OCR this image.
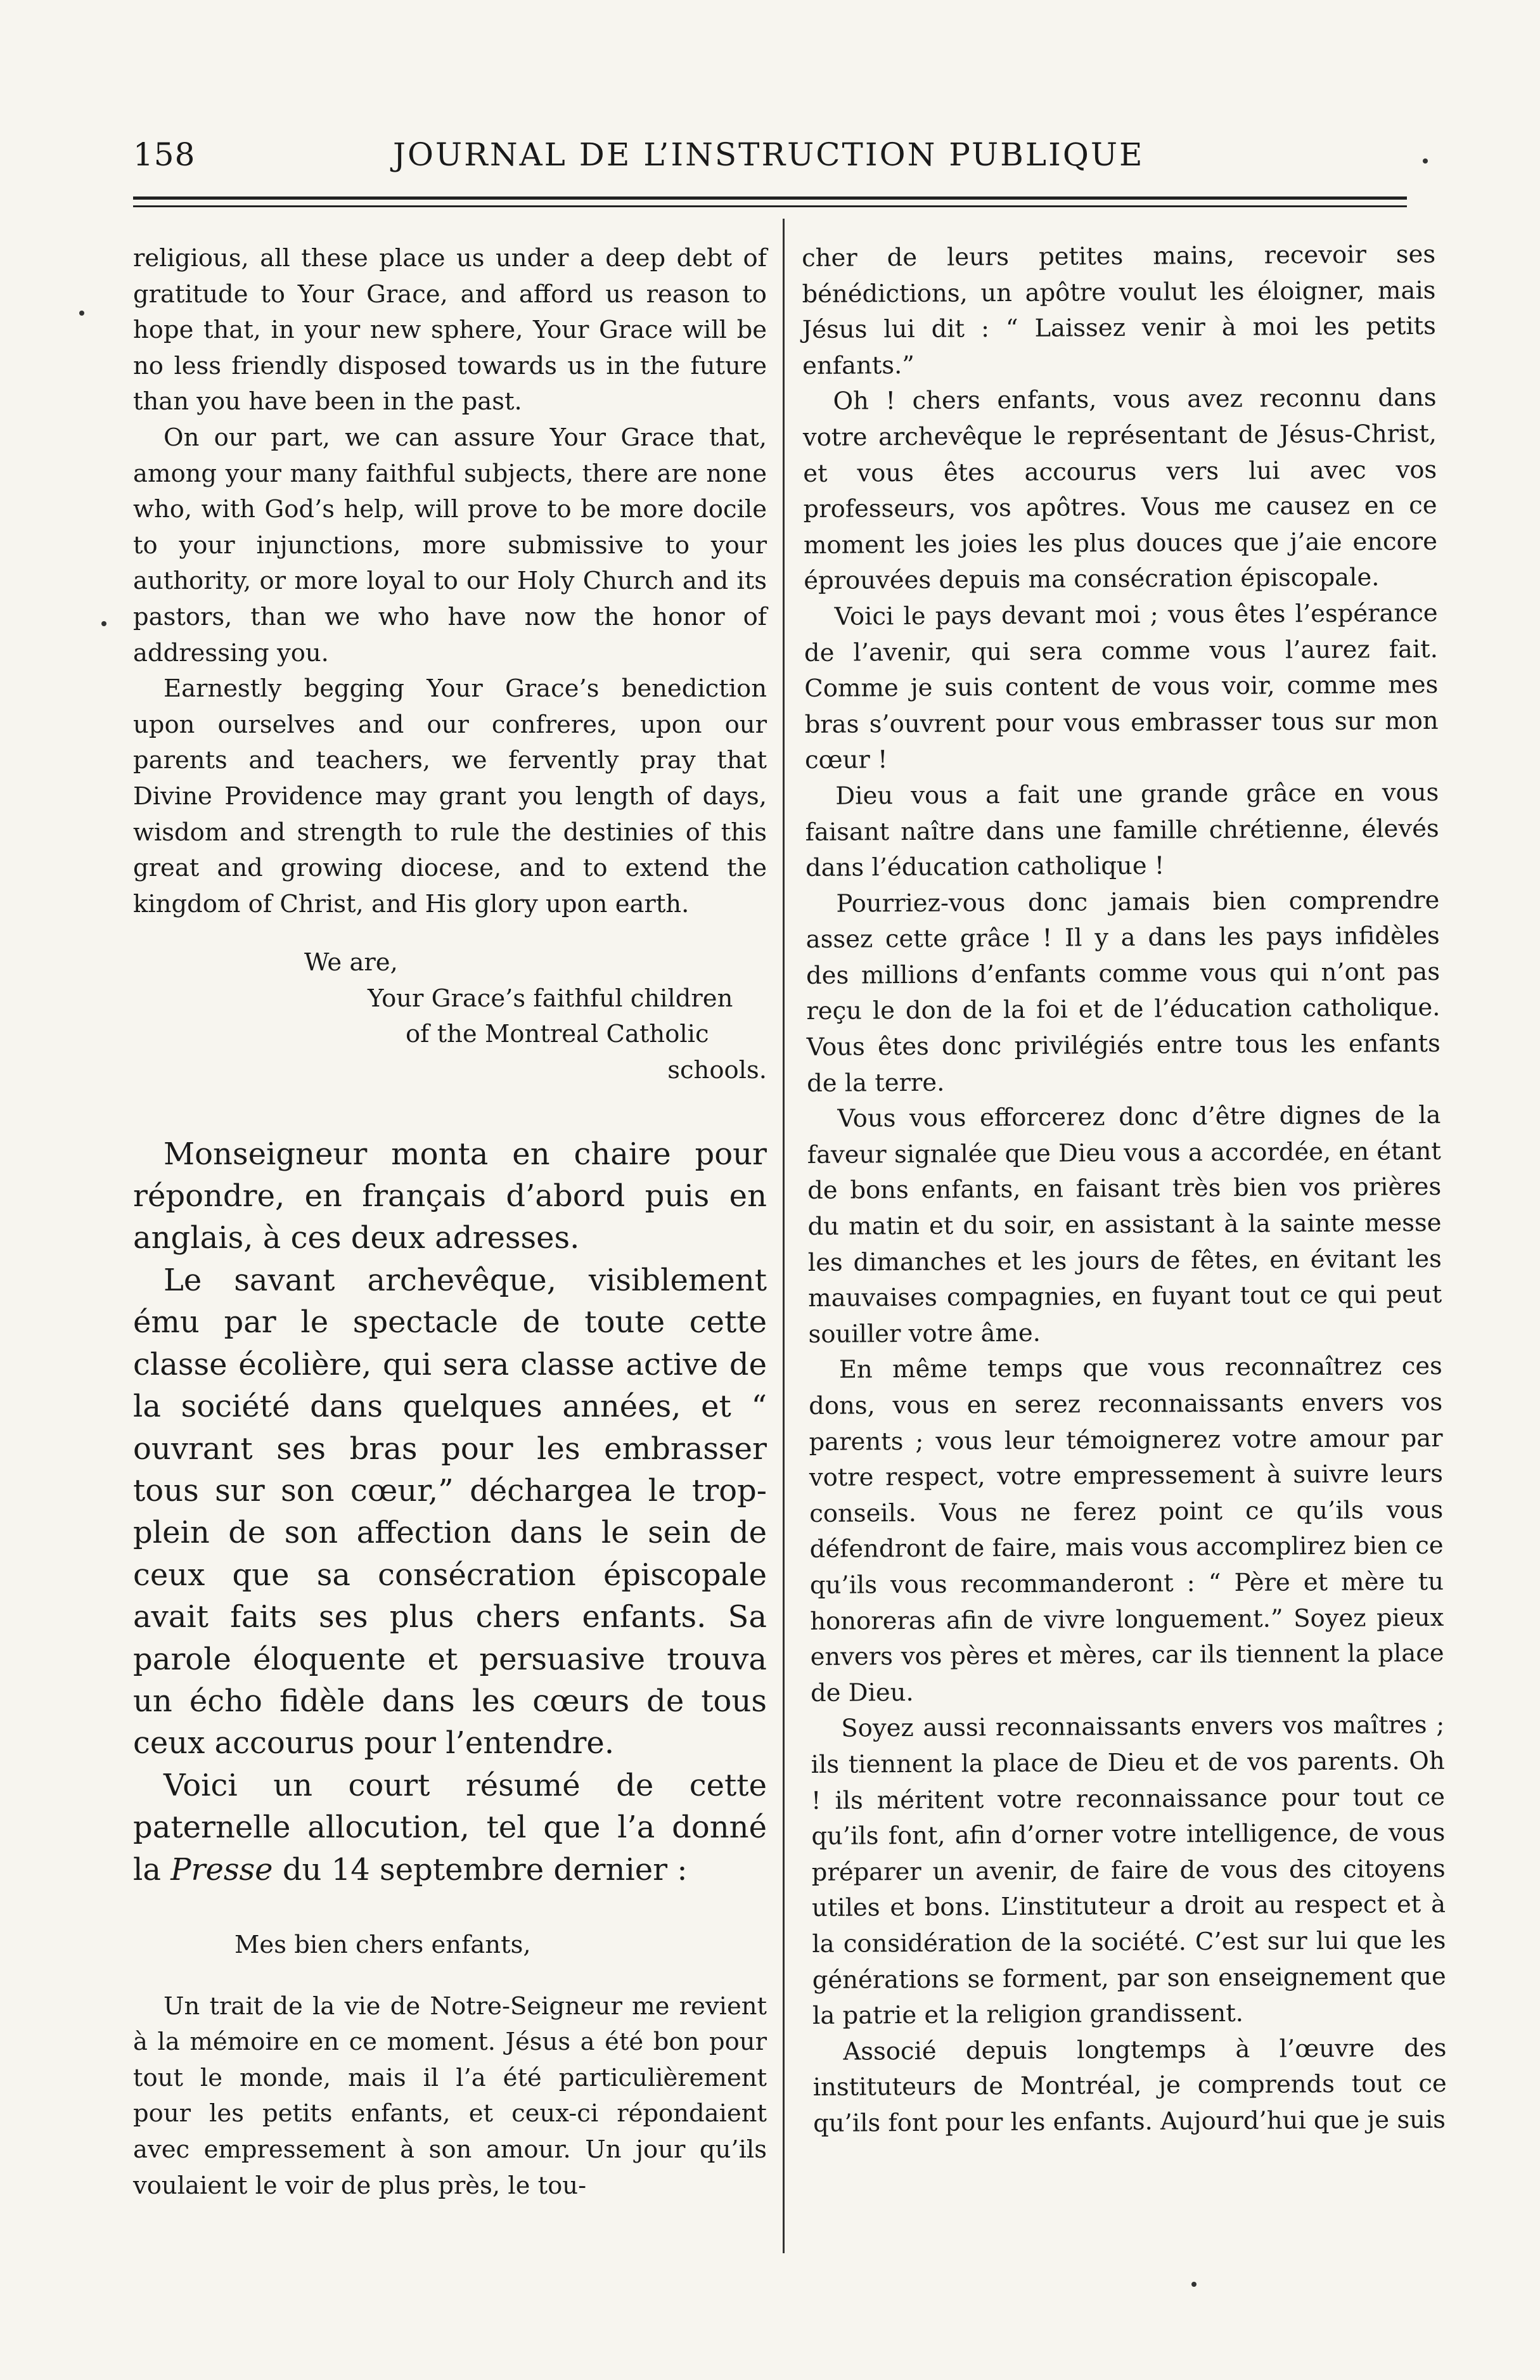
158	JOURNAL DE L’INSTRUCTION PUBLIQUE

religious, all these place us under a deep debt of gratitude to Your Grace, and afford us reason to hope that, in your new sphere, Your Grace will be no less friendly disposed towards us in the future than you have been in the past.

On our part, we can assure Your Grace that, among your many faithful subjects, there are none who, with God’s help, will prove to be more docile to your injunctions, more submissive to your authority, or more loyal to our Holy Church and its pastors, than we who have now the honor of addressing you.

Earnestly begging Your Grace’s benediction upon ourselves and our confreres, upon our parents and teachers, we fervently pray that Divine Providence may grant you length of days, wisdom and strength to rule the destinies of this great and growing diocese, and to extend the kingdom of Christ, and His glory upon earth.

We are,

Your Grace’s faithful children

of the Montreal Catholic

schools.

Monseigneur monta en chaire pour répondre, en français d’abord puis en anglais, à ces deux adresses.

Le savant archevêque, visiblement ému par le spectacle de toute cette classe écolière, qui sera classe active de la société dans quelques années, et “ ouvrant ses bras pour les embrasser tous sur son cœur,” déchargea le trop-plein de son affection dans le sein de ceux que sa consécration épiscopale avait faits ses plus chers enfants. Sa parole éloquente et persuasive trouva un écho fidèle dans les cœurs de tous ceux accourus pour l’entendre.

Voici un court résumé de cette paternelle allocution, tel que l’a donné la Presse du 14 septembre dernier :

Mes bien chers enfants,

Un trait de la vie de Notre-Seigneur me revient à la mémoire en ce moment. Jésus a été bon pour tout le monde, mais il l’a été particulièrement pour les petits enfants, et ceux-ci répondaient avec empressement à son amour. Un jour qu’ils voulaient le voir de plus près, le tou-

cher de leurs petites mains, recevoir ses bénédictions, un apôtre voulut les éloigner, mais Jésus lui dit : “ Laissez venir à moi les petits enfants.”

Oh ! chers enfants, vous avez reconnu dans votre archevêque le représentant de Jésus-Christ, et vous êtes accourus vers lui avec vos professeurs, vos apôtres. Vous me causez en ce moment les joies les plus douces que j’aie encore éprouvées depuis ma consécration épiscopale.

Voici le pays devant moi ; vous êtes l’espérance de l’avenir, qui sera comme vous l’aurez fait. Comme je suis content de vous voir, comme mes bras s’ouvrent pour vous embrasser tous sur mon cœur !

Dieu vous a fait une grande grâce en vous faisant naître dans une famille chrétienne, élevés dans l’éducation catholique !

Pourriez-vous donc jamais bien comprendre assez cette grâce ! Il y a dans les pays infidèles des millions d’enfants comme vous qui n’ont pas reçu le don de la foi et de l’éducation catholique. Vous êtes donc privilégiés entre tous les enfants de la terre.

Vous vous efforcerez donc d’être dignes de la faveur signalée que Dieu vous a accordée, en étant de bons enfants, en faisant très bien vos prières du matin et du soir, en assistant à la sainte messe les dimanches et les jours de fêtes, en évitant les mauvaises compagnies, en fuyant tout ce qui peut souiller votre âme.

En même temps que vous reconnaîtrez ces dons, vous en serez reconnaissants envers vos parents ; vous leur témoignerez votre amour par votre respect, votre empressement à suivre leurs conseils. Vous ne ferez point ce qu’ils vous défendront de faire, mais vous accomplirez bien ce qu’ils vous recommanderont : “ Père et mère tu honoreras afin de vivre longuement.” Soyez pieux envers vos pères et mères, car ils tiennent la place de Dieu.

Soyez aussi reconnaissants envers vos maîtres ; ils tiennent la place de Dieu et de vos parents. Oh ! ils méritent votre reconnaissance pour tout ce qu’ils font, afin d’orner votre intelligence, de vous préparer un avenir, de faire de vous des citoyens utiles et bons. L’instituteur a droit au respect et à la considération de la société. C’est sur lui que les générations se forment, par son enseignement que la patrie et la religion grandissent.

Associé depuis longtemps à l’œuvre des instituteurs de Montréal, je comprends tout ce qu’ils font pour les enfants. Aujourd’hui que je suis
